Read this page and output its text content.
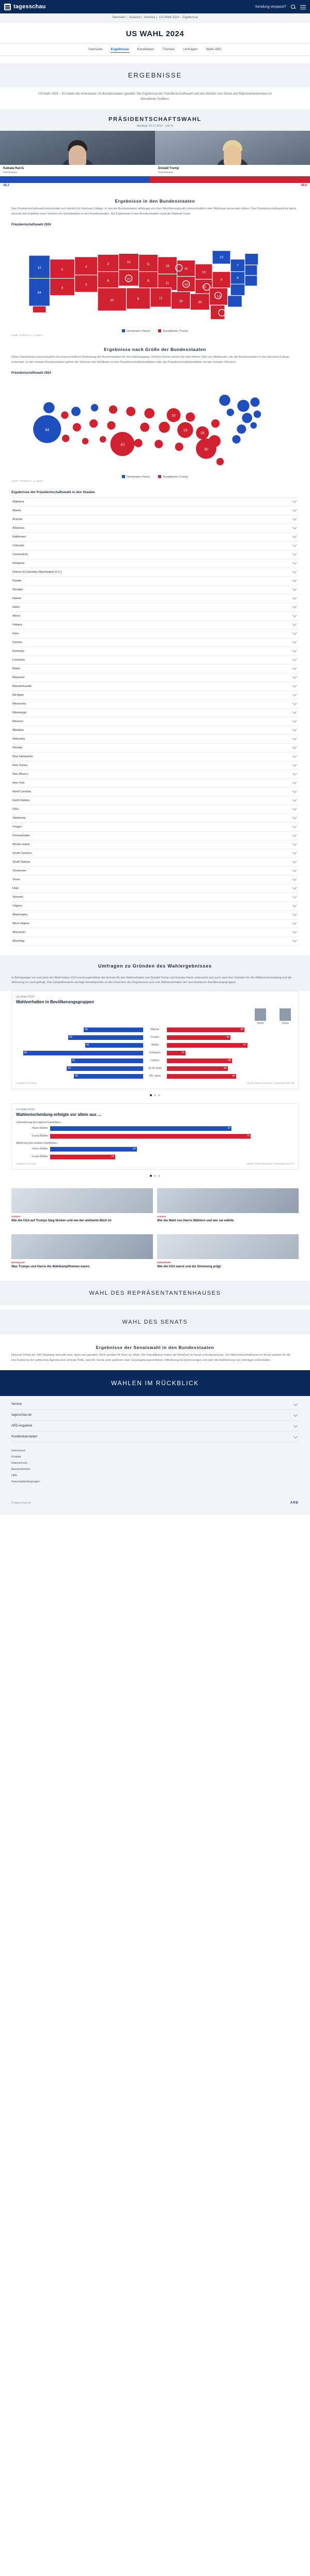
tagesschau	Sendung verpasst?
Startseite | Ausland | Amerika | US-Wahl 2024 – Ergebnisse
US WAHL 2024
Startseite Ergebnisse Kandidaten Themen Umfragen Wahl-ABC
ERGEBNISSE

US-Wahl 2024 – So haben die Amerikaner US-Bundesstaaten gewählt. Die Ergebnisse der Präsidentschaftswahl und des Wahlen zum Senat und Repräsentantenhaus im interaktiven Grafiken.

PRÄSIDENTSCHAFTSWAHL
Wahltag: 05.11.2024 · 100 %
Kamala Harris
Demokraten
Donald Trump
Republikaner
48,3	49,9
Ergebnisse in den Bundesstaaten

Das Präsidentschaftswahl entscheidet sich letztlich im Electoral College. In das die Bundesstaaten abhängig von ihrer Bevölkerungszahl unterschiedlich viele Wahlleute entsenden dürfen. Das Präsidentschaftswahl ist damit deshalb das Ergebnis einer Summe von Einzelwahlen in den Bundesstaaten. Die Ergebnisse in den Bundesstaaten zeigt die folgende Karte.

Präsidentschaftswahl 2024
6
4
3
10
11
9
6
6
10
8
16
11
15
19
16
13
40	8	11
16	30
14
9
12
54
7
4
10
Demokraten (Harris)	Republikaner (Trump)
Quelle: AP/Edison u. a. eigene
Ergebnisse nach Größe der Bundesstaaten

Diese Darstellung veranschaulicht die unterschiedliche Bedeutung der Bundesstaaten für den Wahlausgang. Größere Kreise stehen für eine höhere Zahl von Wahlleuten, die der Bundesstaaten in das Electoral College entsendet. In den meisten Bundesstaaten gehen alle Stimmen der Wahlleute an den Präsidentschaftskandidaten oder die Präsidentschaftskandidatin mit den meisten Stimmen.

Präsidentschaftswahl 2024
54
40
30
19
16
16
Demokraten (Harris)	Republikaner (Trump)
Quelle: AP/Edison u. a. eigene
Ergebnisse der Präsidentschaftswahl in den Staaten
Alabama
Alaska
Arizona
Arkansas
Kalifornien
Colorado
Connecticut
Delaware
District of Columbia (Washington D.C.)
Florida
Georgia
Hawaii
Idaho
Illinois
Indiana
Iowa
Kansas
Kentucky
Louisiana
Maine
Maryland
Massachusetts
Michigan
Minnesota
Mississippi
Missouri
Montana
Nebraska
Nevada
New Hampshire
New Jersey
New Mexico
New York
North Carolina
North Dakota
Ohio
Oklahoma
Oregon
Pennsylvania
Rhode Island
South Carolina
South Dakota
Tennessee
Texas
Utah
Vermont
Virginia
Washington
West Virginia
Wisconsin
Wyoming
Umfragen zu Gründen des Wahlergebnisses

In Befragungen vor und nach der Wahl haben US-Forschungsinstitute die Gründe für das Wahlverhalten von Donald Trump und Kamala Harris untersucht und auch nach den Gründen für die Wählerentscheidung und die Stimmung im Land gefragt. Das Sympathiewerte wichtige Anhaltspunkte zu den Ursachen des Ergebnisses und zum Wählerverhalten der verschiedenen Bevölkerungsgruppen.

US-Wahl 2024
Wahlverhalten in Bevölkerungsgruppen
Harris	Trump
42	Männer	55
53	Frauen	45
41	Weiße	57
85	Schwarze	13
51	Latinos	46
54	18-29 Jahre	43
49	65+ Jahre	49
Angaben in Prozent	Quelle: Edison Research / Nationaler Exit Poll
US-Wahl 2024
Wahlentscheidung erfolgte vor allem aus ...
Unterstützung des eigenen Kandidaten
Harris-Wähler	67
Trump-Wähler	74
Ablehnung des anderen Kandidaten
Harris-Wähler	32
Trump-Wähler	24
Angaben in Prozent	Quelle: Edison Research / Nationaler Exit Poll
Analyse
Wie die USA auf Trumps Sieg blicken und wie der weltweite Blick ist
Analyse
Wie die Wahl von Harris Wählern und wer sie wählte
Hintergrund
Was Trumps und Harris die Wahlkampfthemen waren
Faktenfinder
Wie die USA warnt und die Stimmung prägt
WAHL DES REPRÄSENTANTENHAUSES
WAHL DES SENATS
Ergebnisse der Senatswahl in den Bundesstaaten

Etwa ein Drittel der 100 Sitzplätze wird alle zwei Jahre neu gewählt. 2024 standen 34 Sitze zur Wahl. Die Republikaner haben die Mehrheit im Senat zurückgewonnen. Die Mehrheitsverhältnisse im Senat spielten für die Durchsetzung der politischen Agenda eine zentrale Rolle, weil der Senat unter anderem über Gesetzgebungsverfahren, Mitwirkung bei Ernennungen und über die Ratifizierung von Verträgen entscheidet.

WAHLEN IM RÜCKBLICK
Service
tagesschau.de
ARD-Angebote
Rundfunkanstalten
Impressum
Kontakt
Datenschutz
Barrierefreiheit
Hilfe
Nutzungsbedingungen
© tagesschau.de	ARD
